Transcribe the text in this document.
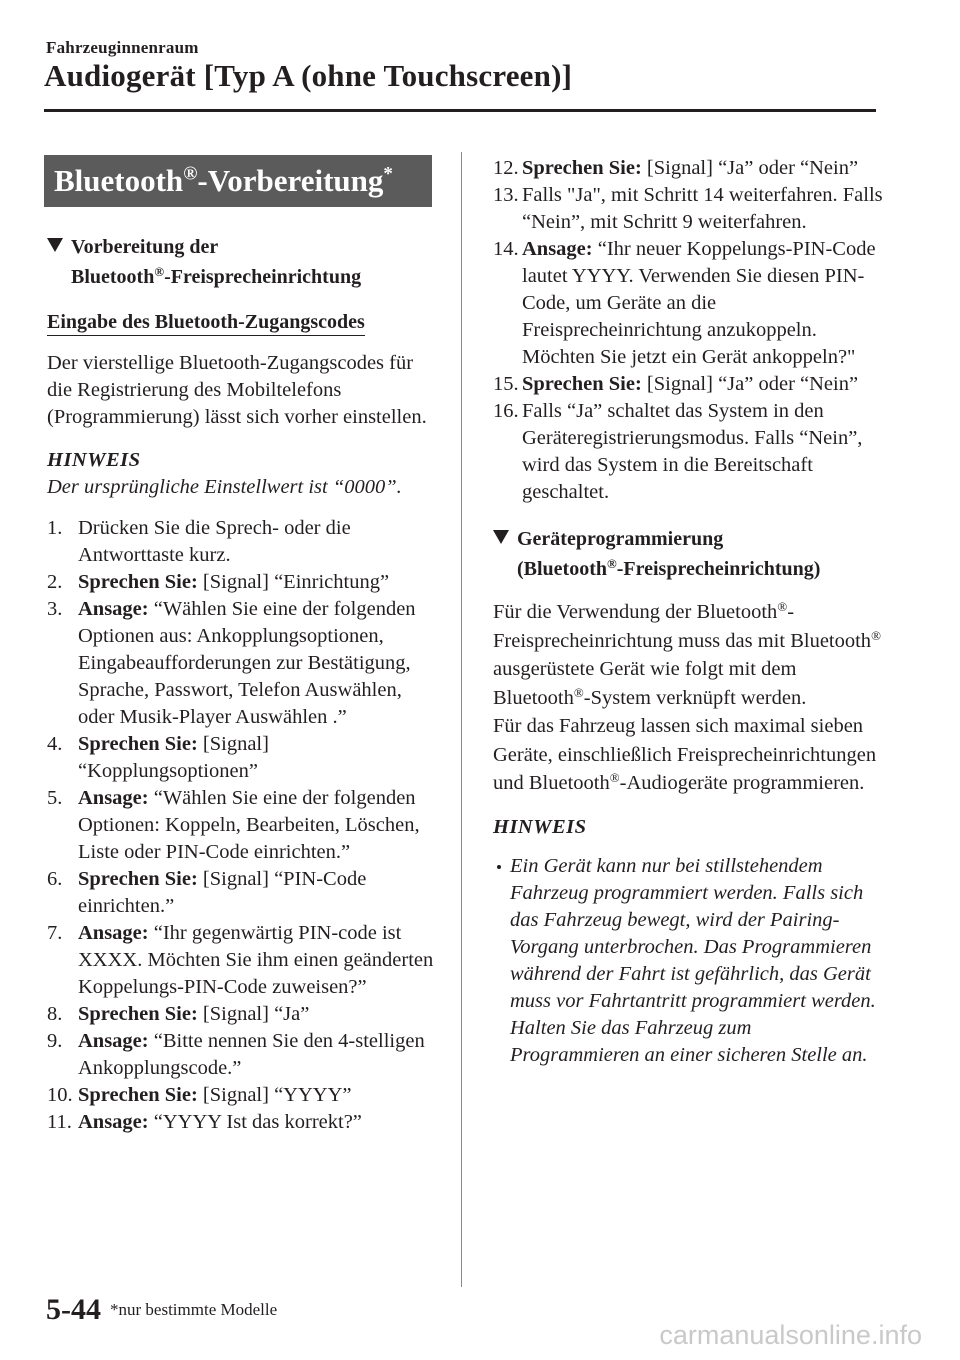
Fahrzeuginnenraum
Audiogerät [Typ A (ohne Touchscreen)]
Bluetooth®-Vorbereitung*
Vorbereitung der
Bluetooth®-Freisprecheinrichtung
Eingabe des Bluetooth-Zugangscodes

Der vierstellige Bluetooth-Zugangscodes für die Registrierung des Mobiltelefons (Programmierung) lässt sich vorher einstellen.

HINWEIS

Der ursprüngliche Einstellwert ist “0000”.

1. Drücken Sie die Sprech- oder die Antworttaste kurz.
2. Sprechen Sie: [Signal] “Einrichtung”
3. Ansage: “Wählen Sie eine der folgenden Optionen aus: Ankopplungsoptionen, Eingabeaufforderungen zur Bestätigung, Sprache, Passwort, Telefon Auswählen, oder Musik-Player Auswählen .”
4. Sprechen Sie: [Signal] “Kopplungsoptionen”
5. Ansage: “Wählen Sie eine der folgenden Optionen: Koppeln, Bearbeiten, Löschen, Liste oder PIN-Code einrichten.”
6. Sprechen Sie: [Signal] “PIN-Code einrichten.”
7. Ansage: “Ihr gegenwärtig PIN-code ist XXXX. Möchten Sie ihm einen geänderten Koppelungs-PIN-Code zuweisen?”
8. Sprechen Sie: [Signal] “Ja”
9. Ansage: “Bitte nennen Sie den 4-stelligen Ankopplungscode.”
10. Sprechen Sie: [Signal] “YYYY”
11. Ansage: “YYYY Ist das korrekt?”
12. Sprechen Sie: [Signal] “Ja” oder “Nein”
13. Falls "Ja", mit Schritt 14 weiterfahren. Falls “Nein”, mit Schritt 9 weiterfahren.
14. Ansage: “Ihr neuer Koppelungs-PIN-Code lautet YYYY. Verwenden Sie diesen PIN-Code, um Geräte an die Freisprecheinrichtung anzukoppeln. Möchten Sie jetzt ein Gerät ankoppeln?"
15. Sprechen Sie: [Signal] “Ja” oder “Nein”
16. Falls “Ja” schaltet das System in den Geräteregistrierungsmodus. Falls “Nein”, wird das System in die Bereitschaft geschaltet.
Geräteprogrammierung
(Bluetooth®-Freisprecheinrichtung)

Für die Verwendung der Bluetooth®-Freisprecheinrichtung muss das mit Bluetooth® ausgerüstete Gerät wie folgt mit dem Bluetooth®-System verknüpft werden.

Für das Fahrzeug lassen sich maximal sieben Geräte, einschließlich Freisprecheinrichtungen und Bluetooth®-Audiogeräte programmieren.

HINWEIS

Ein Gerät kann nur bei stillstehendem Fahrzeug programmiert werden. Falls sich das Fahrzeug bewegt, wird der Pairing-Vorgang unterbrochen. Das Programmieren während der Fahrt ist gefährlich, das Gerät muss vor Fahrtantritt programmiert werden. Halten Sie das Fahrzeug zum Programmieren an einer sicheren Stelle an.

5-44 *nur bestimmte Modelle
carmanualsonline.info
